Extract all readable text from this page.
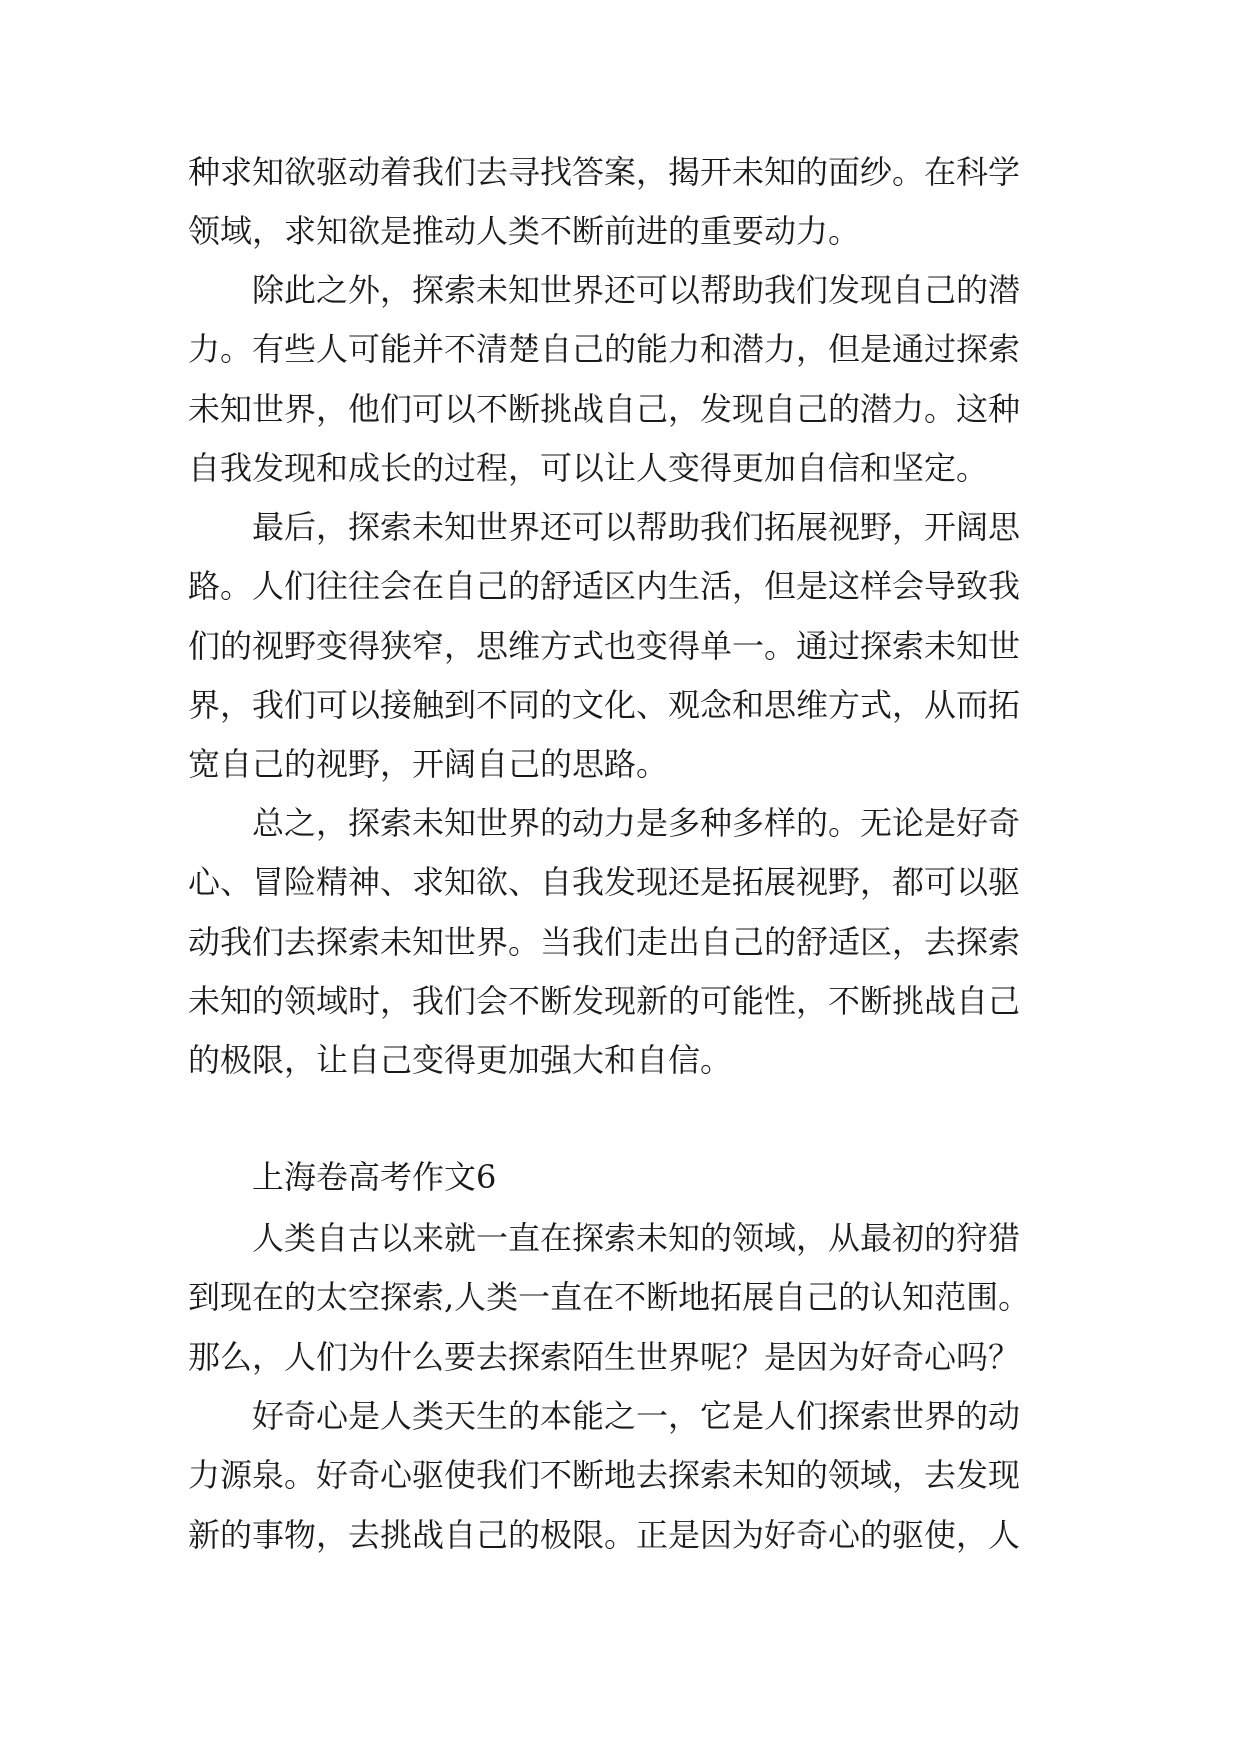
种求知欲驱动着我们去寻找答案，揭开未知的面纱。在科学
领域，求知欲是推动人类不断前进的重要动力。
除此之外，探索未知世界还可以帮助我们发现自己的潜
力。有些人可能并不清楚自己的能力和潜力，但是通过探索
未知世界，他们可以不断挑战自己，发现自己的潜力。这种
自我发现和成长的过程，可以让人变得更加自信和坚定。
最后，探索未知世界还可以帮助我们拓展视野，开阔思
路。人们往往会在自己的舒适区内生活，但是这样会导致我
们的视野变得狭窄，思维方式也变得单一。通过探索未知世
界，我们可以接触到不同的文化、观念和思维方式，从而拓
宽自己的视野，开阔自己的思路。
总之，探索未知世界的动力是多种多样的。无论是好奇
心、冒险精神、求知欲、自我发现还是拓展视野，都可以驱
动我们去探索未知世界。当我们走出自己的舒适区，去探索
未知的领域时，我们会不断发现新的可能性，不断挑战自己
的极限，让自己变得更加强大和自信。
上海卷高考作文6
人类自古以来就一直在探索未知的领域，从最初的狩猎
到现在的太空探索,人类一直在不断地拓展自己的认知范围。
那么，人们为什么要去探索陌生世界呢？是因为好奇心吗？
好奇心是人类天生的本能之一，它是人们探索世界的动
力源泉。好奇心驱使我们不断地去探索未知的领域，去发现
新的事物，去挑战自己的极限。正是因为好奇心的驱使，人
